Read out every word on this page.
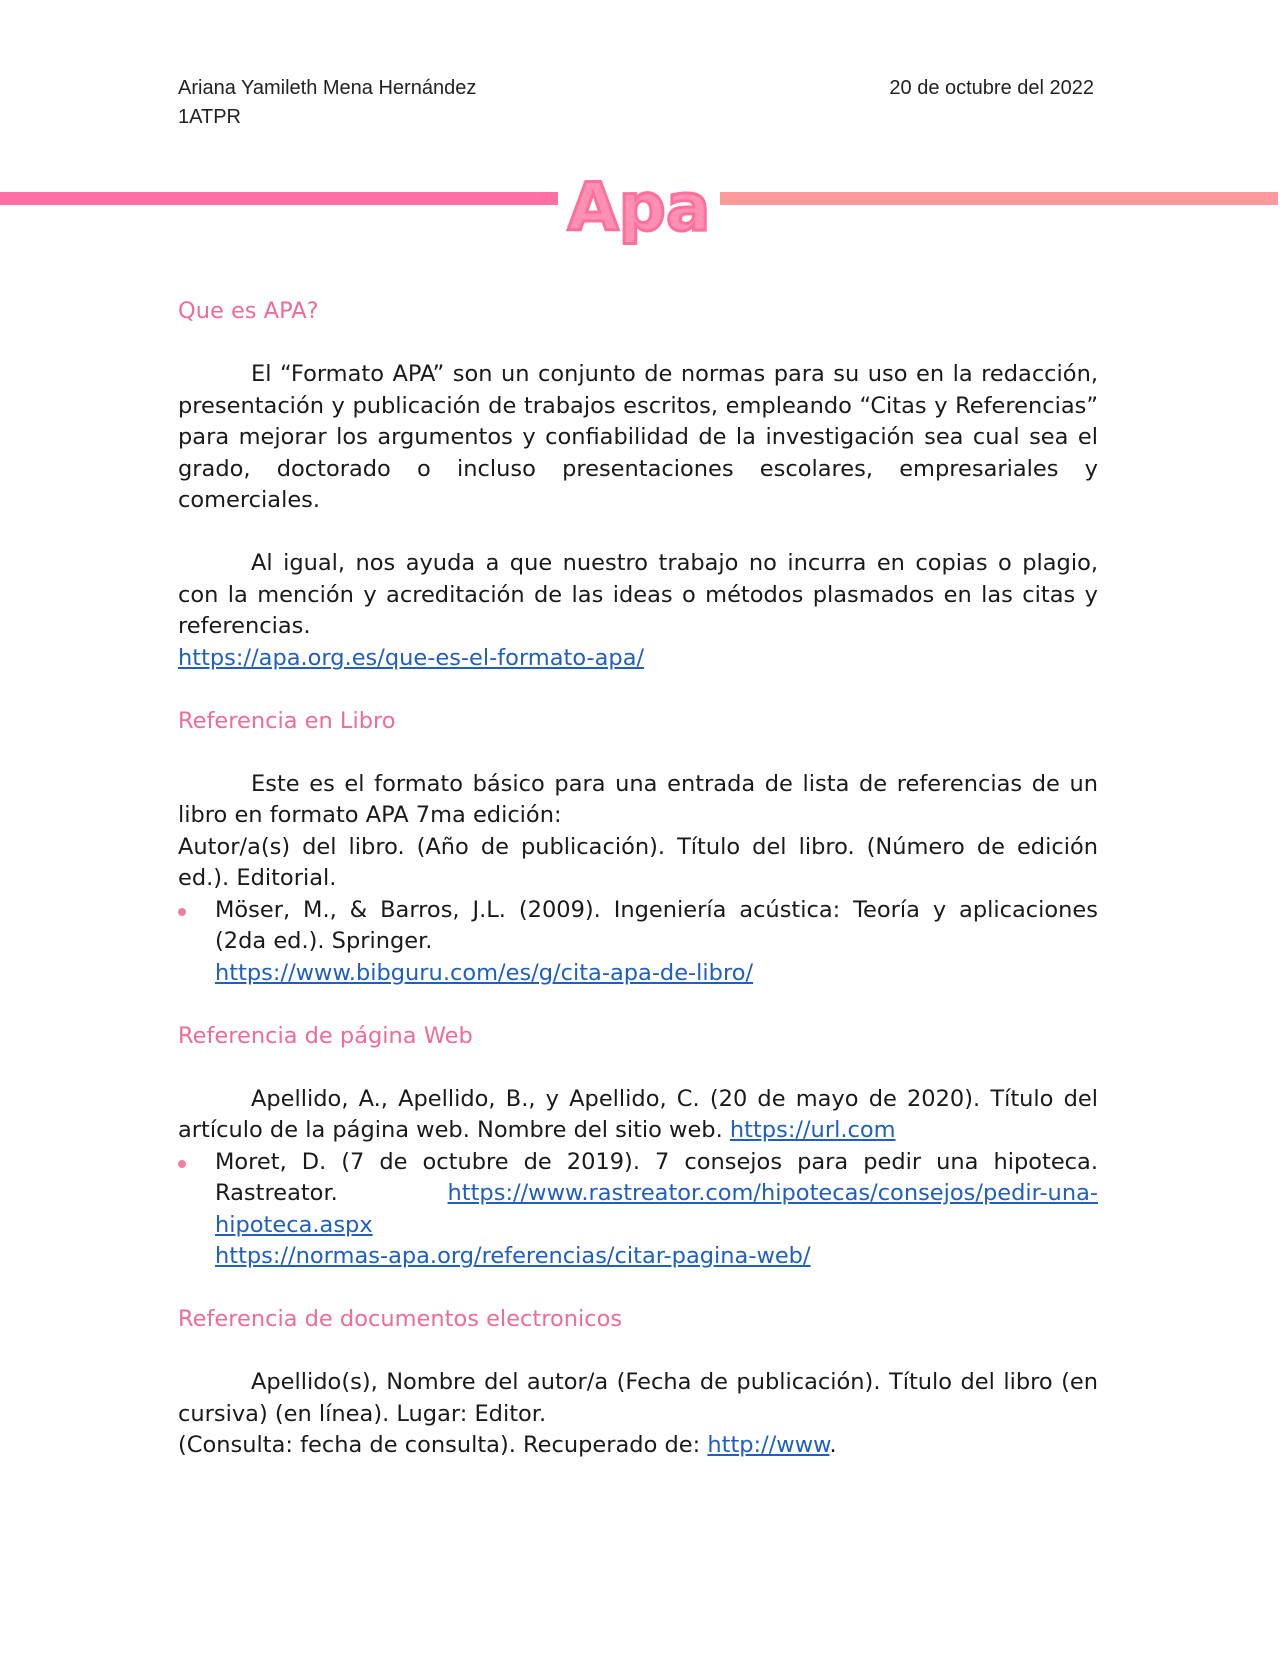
Ariana Yamileth Mena Hernández
1ATPR
20 de octubre del 2022
Apa

Que es APA?

El “Formato APA” son un conjunto de normas para su uso en la redacción, presentación y publicación de trabajos escritos, empleando “Citas y Referencias” para mejorar los argumentos y confiabilidad de la investigación sea cual sea el grado, doctorado o incluso presentaciones escolares, empresariales y comerciales.

Al igual, nos ayuda a que nuestro trabajo no incurra en copias o plagio, con la mención y acreditación de las ideas o métodos plasmados en las citas y referencias.

https://apa.org.es/que-es-el-formato-apa/

Referencia en Libro

Este es el formato básico para una entrada de lista de referencias de un libro en formato APA 7ma edición:

Autor/a(s) del libro. (Año de publicación). Título del libro. (Número de edición ed.). Editorial.

Möser, M., & Barros, J.L. (2009). Ingeniería acústica: Teoría y aplicaciones (2da ed.). Springer.
https://www.bibguru.com/es/g/cita-apa-de-libro/

Referencia de página Web

Apellido, A., Apellido, B., y Apellido, C. (20 de mayo de 2020). Título del artículo de la página web. Nombre del sitio web. https://url.com

Moret, D. (7 de octubre de 2019). 7 consejos para pedir una hipoteca. Rastreator.	https://www.rastreator.com/hipotecas/consejos/pedir-una-hipoteca.aspx
https://normas-apa.org/referencias/citar-pagina-web/

Referencia de documentos electronicos

Apellido(s), Nombre del autor/a (Fecha de publicación). Título del libro (en cursiva) (en línea). Lugar: Editor.

(Consulta: fecha de consulta). Recuperado de: http://www.
